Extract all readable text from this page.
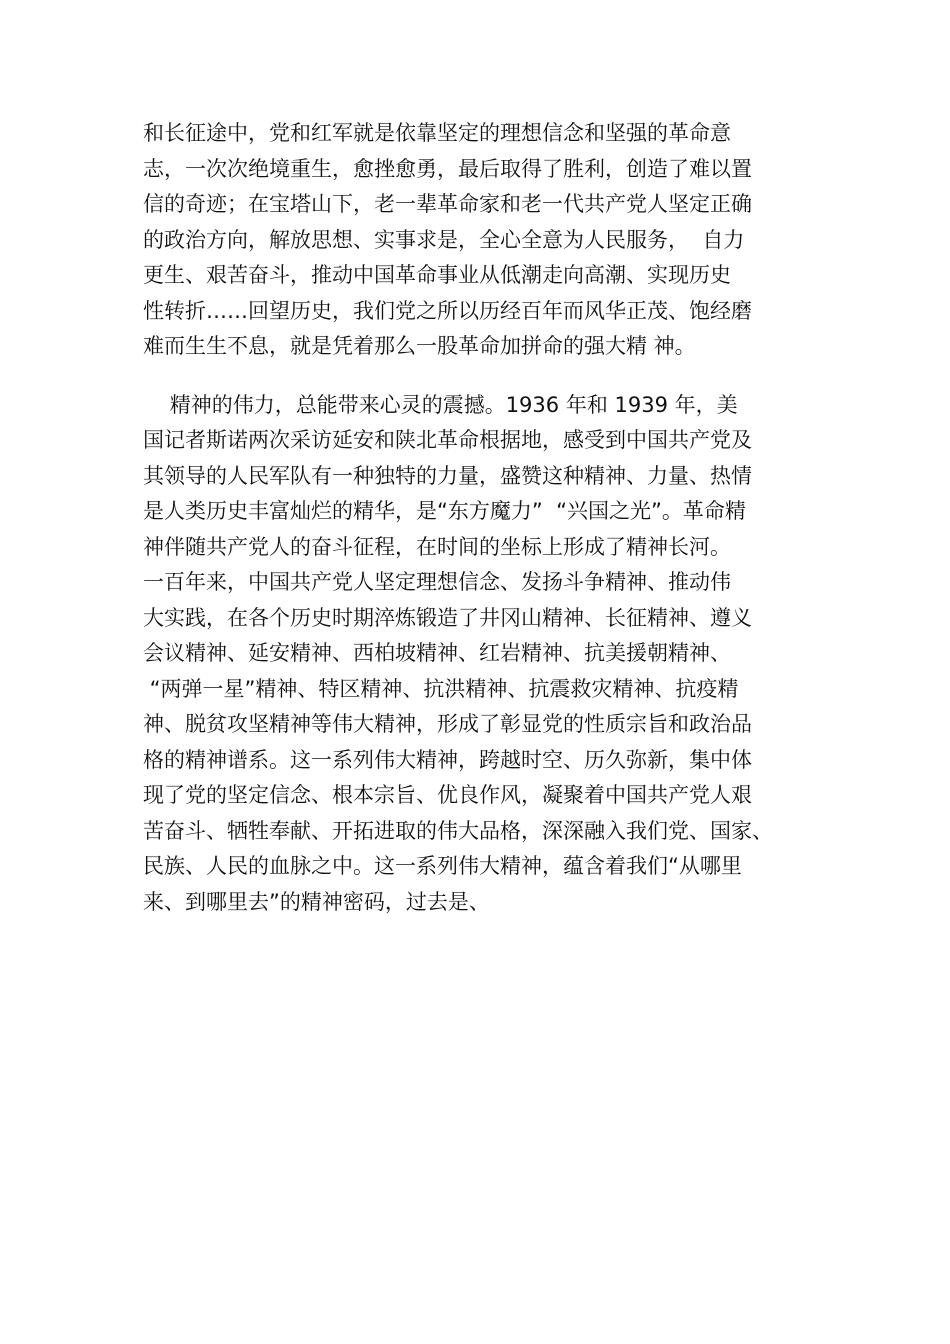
和长征途中，党和红军就是依靠坚定的理想信念和坚强的革命意
志，一次次绝境重生，愈挫愈勇，最后取得了胜利，创造了难以置
信的奇迹；在宝塔山下，老一辈革命家和老一代共产党人坚定正确
的政治方向，解放思想、实事求是，全心全意为人民服务，  自力
更生、艰苦奋斗，推动中国革命事业从低潮走向高潮、实现历史
性转折……回望历史，我们党之所以历经百年而风华正茂、饱经磨
难而生生不息，就是凭着那么一股革命加拼命的强大精 神。

精神的伟力，总能带来心灵的震撼。1936 年和 1939 年，美
国记者斯诺两次采访延安和陕北革命根据地，感受到中国共产党及
其领导的人民军队有一种独特的力量，盛赞这种精神、力量、热情
是人类历史丰富灿烂的精华，是“东方魔力”  “兴国之光”。革命精
神伴随共产党人的奋斗征程，在时间的坐标上形成了精神长河。
一百年来，中国共产党人坚定理想信念、发扬斗争精神、推动伟
大实践，在各个历史时期淬炼锻造了井冈山精神、长征精神、遵义
会议精神、延安精神、西柏坡精神、红岩精神、抗美援朝精神、
“两弹一星”精神、特区精神、抗洪精神、抗震救灾精神、抗疫精
神、脱贫攻坚精神等伟大精神，形成了彰显党的性质宗旨和政治品
格的精神谱系。这一系列伟大精神，跨越时空、历久弥新，集中体
现了党的坚定信念、根本宗旨、优良作风，凝聚着中国共产党人艰
苦奋斗、牺牲奉献、开拓进取的伟大品格，深深融入我们党、国家、
民族、人民的血脉之中。这一系列伟大精神，蕴含着我们“从哪里
来、到哪里去”的精神密码，过去是、
